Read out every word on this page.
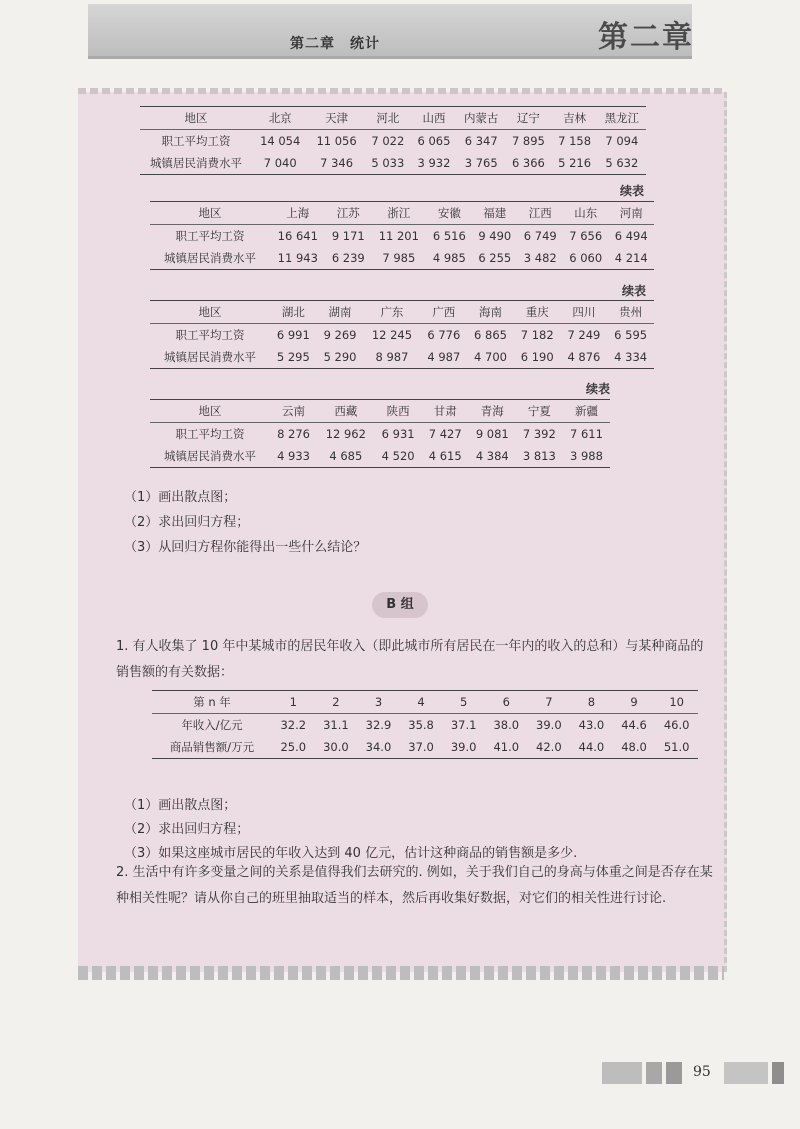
第二章　统计	第二章
地区	北京	天津	河北	山西	内蒙古	辽宁	吉林	黑龙江
职工平均工资	14 054	11 056	7 022	6 065	6 347	7 895	7 158	7 094
城镇居民消费水平	7 040	7 346	5 033	3 932	3 765	6 366	5 216	5 632
续表
地区	上海	江苏	浙江	安徽	福建	江西	山东	河南
职工平均工资	16 641	9 171	11 201	6 516	9 490	6 749	7 656	6 494
城镇居民消费水平	11 943	6 239	7 985	4 985	6 255	3 482	6 060	4 214
续表
地区	湖北	湖南	广东	广西	海南	重庆	四川	贵州
职工平均工资	6 991	9 269	12 245	6 776	6 865	7 182	7 249	6 595
城镇居民消费水平	5 295	5 290	8 987	4 987	4 700	6 190	4 876	4 334
续表
地区	云南	西藏	陕西	甘肃	青海	宁夏	新疆
职工平均工资	8 276	12 962	6 931	7 427	9 081	7 392	7 611
城镇居民消费水平	4 933	4 685	4 520	4 615	4 384	3 813	3 988
（1）画出散点图；
（2）求出回归方程；
（3）从回归方程你能得出一些什么结论？
B 组
1. 有人收集了 10 年中某城市的居民年收入（即此城市所有居民在一年内的收入的总和）与某种商品的销售额的有关数据：
第 n 年	1	2	3	4	5	6	7	8	9	10
年收入/亿元	32.2	31.1	32.9	35.8	37.1	38.0	39.0	43.0	44.6	46.0
商品销售额/万元	25.0	30.0	34.0	37.0	39.0	41.0	42.0	44.0	48.0	51.0
（1）画出散点图；
（2）求出回归方程；
（3）如果这座城市居民的年收入达到 40 亿元，估计这种商品的销售额是多少.
2. 生活中有许多变量之间的关系是值得我们去研究的. 例如，关于我们自己的身高与体重之间是否存在某种相关性呢？请从你自己的班里抽取适当的样本，然后再收集好数据，对它们的相关性进行讨论.
95
